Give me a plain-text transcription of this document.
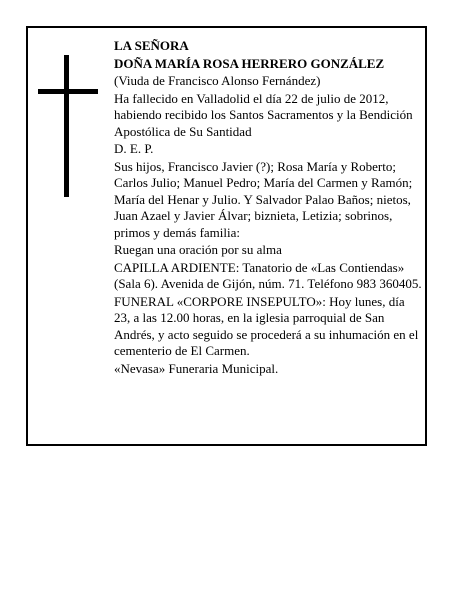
LA SEÑORA

DOÑA MARÍA ROSA HERRERO GONZÁLEZ

(Viuda de Francisco Alonso Fernández)

Ha fallecido en Valladolid el día 22 de julio de 2012, habiendo recibido los Santos Sacramentos y la Bendición Apostólica de Su Santidad

D. E. P.

Sus hijos, Francisco Javier (?); Rosa María y Roberto; Carlos Julio; Manuel Pedro; María del Carmen y Ramón; María del Henar y Julio. Y Salvador Palao Baños; nietos, Juan Azael y Javier Álvar; biznieta, Letizia; sobrinos, primos y demás familia:

Ruegan una oración por su alma

CAPILLA ARDIENTE: Tanatorio de «Las Contiendas» (Sala 6). Avenida de Gijón, núm. 71. Teléfono 983 360405.

FUNERAL «CORPORE INSEPULTO»: Hoy lunes, día 23, a las 12.00 horas, en la iglesia parroquial de San Andrés, y acto seguido se procederá a su inhumación en el cementerio de El Carmen.

«Nevasa» Funeraria Municipal.
